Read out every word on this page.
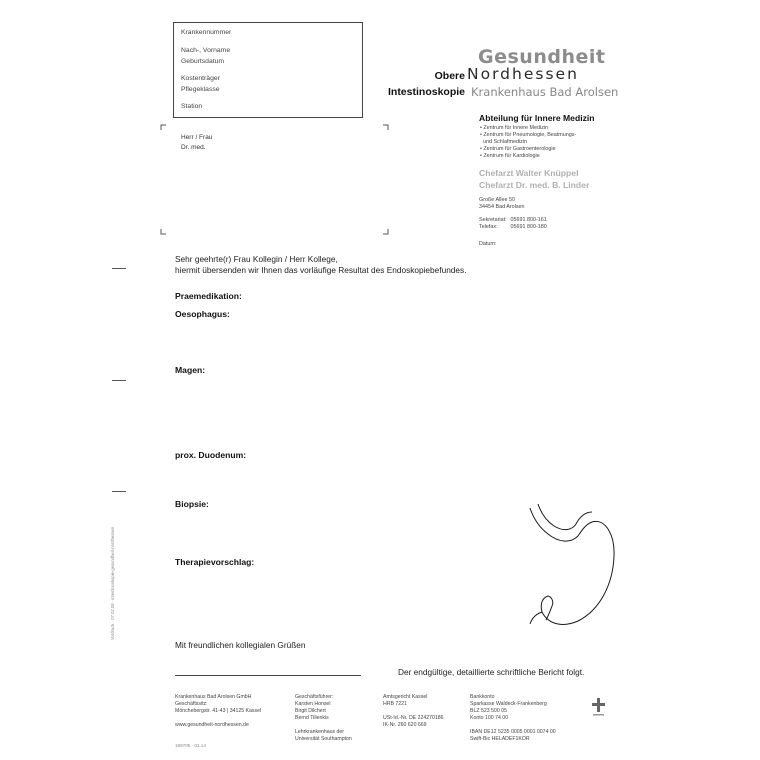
Krankennummer
Nach-, Vorname
Geburtsdatum
Kostenträger
Pflegeklasse
Station
Herr / Frau
Dr. med.
Obere
Intestinoskopie
Gesundheit
Nordhessen
Krankenhaus Bad Arolsen
Abteilung für Innere Medizin
• Zentrum für Innere Medizin
• Zentrum für Pneumologie, Beatmungs-
und Schlafmedizin
• Zentrum für Gastroenterologie
• Zentrum für Kardiologie
Chefarzt Walter Knüppel
Chefarzt Dr. med. B. Linder
Große Allee 50
34454 Bad Arolsen
Sekretariat: 05691 800-161
Telefax: 05691 800-180
Datum:
Vordruck · 07.02.08 · intestinoskopie-gesundheit-nordhessen
Sehr geehrte(r) Frau Kollegin / Herr Kollege,
hiermit übersenden wir Ihnen das vorläufige Resultat des Endoskopiebefundes.
Praemedikation:
Oesophagus:
Magen:
prox. Duodenum:
Biopsie:
Therapievorschlag:
Mit freundlichen kollegialen Grüßen
Der endgültige, detaillierte schriftliche Bericht folgt.
Krankenhaus Bad Arolsen GmbH
Geschäftssitz:
Mönchebergstr. 41-43 | 34125 Kassel
www.gesundheit-nordhessen.de
Geschäftsführer:
Karsten Honsel
Birgit Dilchert
Bernd Tillenkis
Lehrkrankenhaus der
Universität Southampton
Amtsgericht Kassel
HRB 7221
USt-Id.-Nr. DE 224270186
IK-Nr. 260 620 669
Bankkonto
Sparkasse Waldeck-Frankenberg
BLZ 523 500 05
Konto 100 74 00
IBAN DE12 5235 0005 0001 0074 00
Swift-Bic HELADEF1KOR
188706 · 01.14
